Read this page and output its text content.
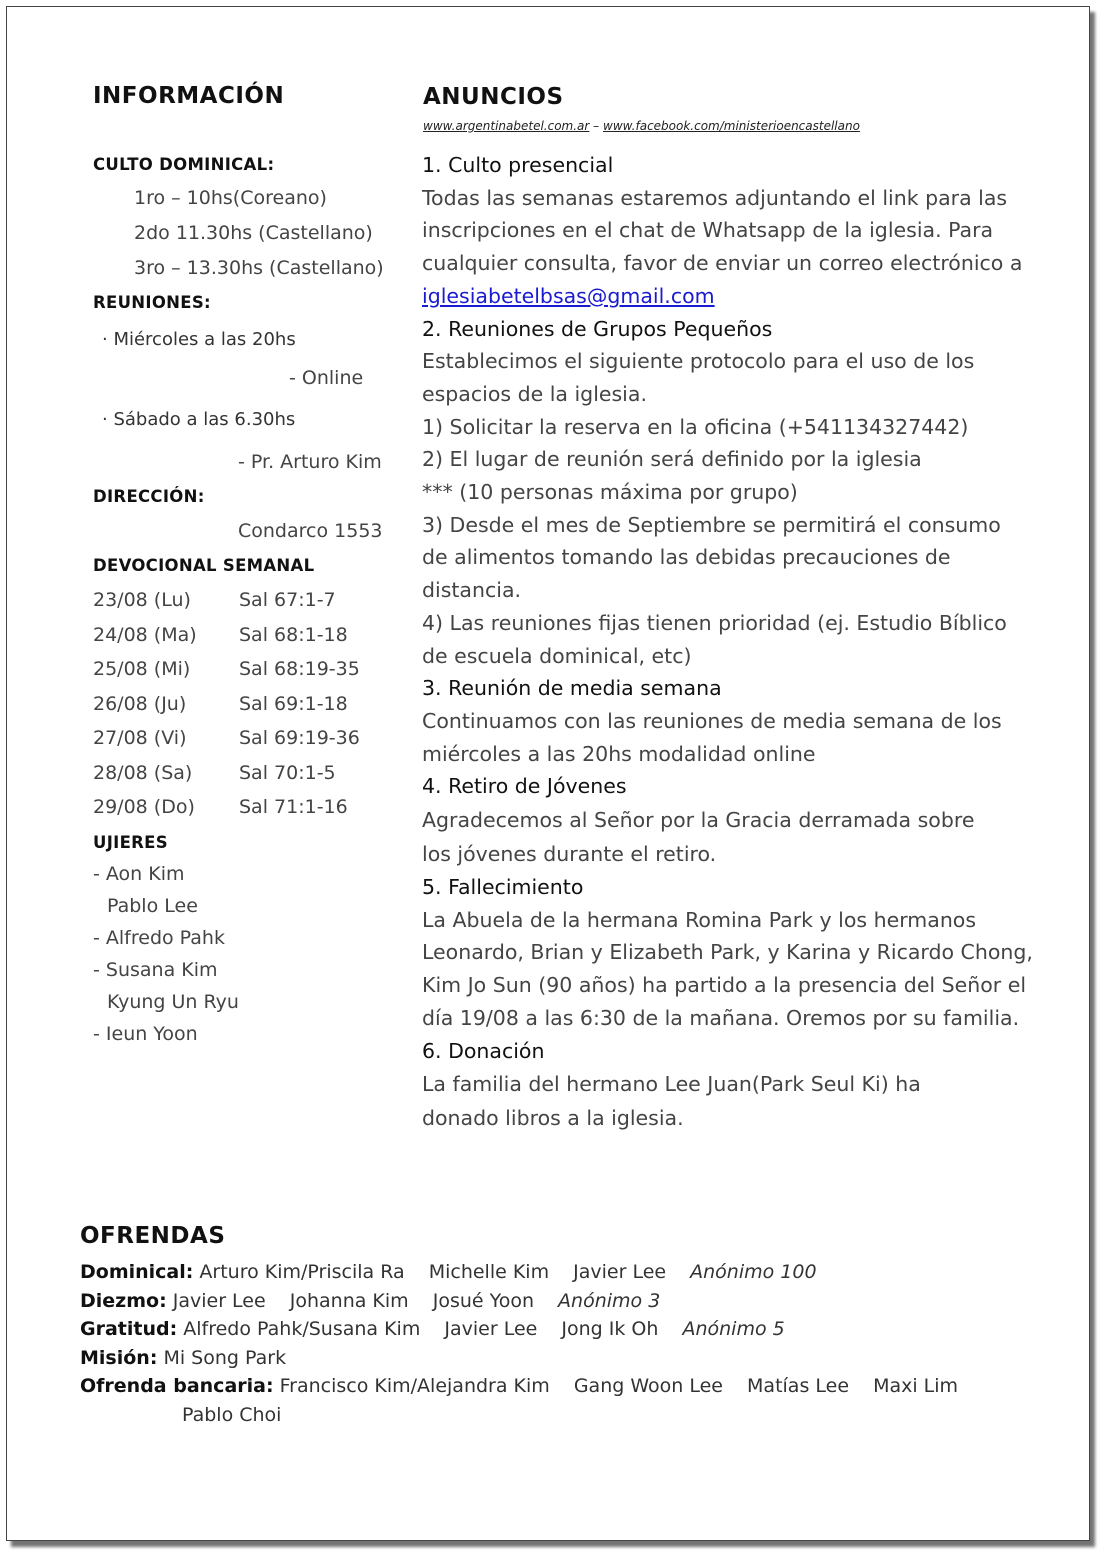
INFORMACIÓN
CULTO DOMINICAL:
1ro – 10hs(Coreano)
2do 11.30hs (Castellano)
3ro – 13.30hs (Castellano)
REUNIONES:
· Miércoles a las 20hs
- Online
· Sábado a las 6.30hs
- Pr. Arturo Kim
DIRECCIÓN:
Condarco 1553
DEVOCIONAL SEMANAL
23/08 (Lu)	Sal 67:1-7
24/08 (Ma) Sal 68:1-18
25/08 (Mi)	Sal 68:19-35
26/08 (Ju)	Sal 69:1-18
27/08 (Vi)	Sal 69:19-36
28/08 (Sa) Sal 70:1-5
29/08 (Do) Sal 71:1-16
UJIERES
- Aon Kim
Pablo Lee
- Alfredo Pahk
- Susana Kim
Kyung Un Ryu
- Ieun Yoon
ANUNCIOS
www.argentinabetel.com.ar – www.facebook.com/ministerioencastellano
1. Culto presencial
Todas las semanas estaremos adjuntando el link para las
inscripciones en el chat de Whatsapp de la iglesia. Para
cualquier consulta, favor de enviar un correo electrónico a
iglesiabetelbsas@gmail.com
2. Reuniones de Grupos Pequeños
Establecimos el siguiente protocolo para el uso de los
espacios de la iglesia.
1) Solicitar la reserva en la oficina (+541134327442)
2) El lugar de reunión será definido por la iglesia
*** (10 personas máxima por grupo)
3) Desde el mes de Septiembre se permitirá el consumo
de alimentos tomando las debidas precauciones de
distancia.
4) Las reuniones fijas tienen prioridad (ej. Estudio Bíblico
de escuela dominical, etc)
3. Reunión de media semana
Continuamos con las reuniones de media semana de los
miércoles a las 20hs modalidad online
4. Retiro de Jóvenes
Agradecemos al Señor por la Gracia derramada sobre
los jóvenes durante el retiro.
5. Fallecimiento
La Abuela de la hermana Romina Park y los hermanos
Leonardo, Brian y Elizabeth Park, y Karina y Ricardo Chong,
Kim Jo Sun (90 años) ha partido a la presencia del Señor el
día 19/08 a las 6:30 de la mañana. Oremos por su familia.
6. Donación
La familia del hermano Lee Juan(Park Seul Ki) ha
donado libros a la iglesia.
OFRENDAS
Dominical: Arturo Kim/Priscila Ra Michelle Kim Javier Lee Anónimo 100
Diezmo: Javier Lee Johanna Kim Josué Yoon Anónimo 3
Gratitud: Alfredo Pahk/Susana Kim Javier Lee Jong Ik Oh Anónimo 5
Misión: Mi Song Park
Ofrenda bancaria: Francisco Kim/Alejandra Kim Gang Woon Lee Matías Lee Maxi Lim
Pablo Choi
